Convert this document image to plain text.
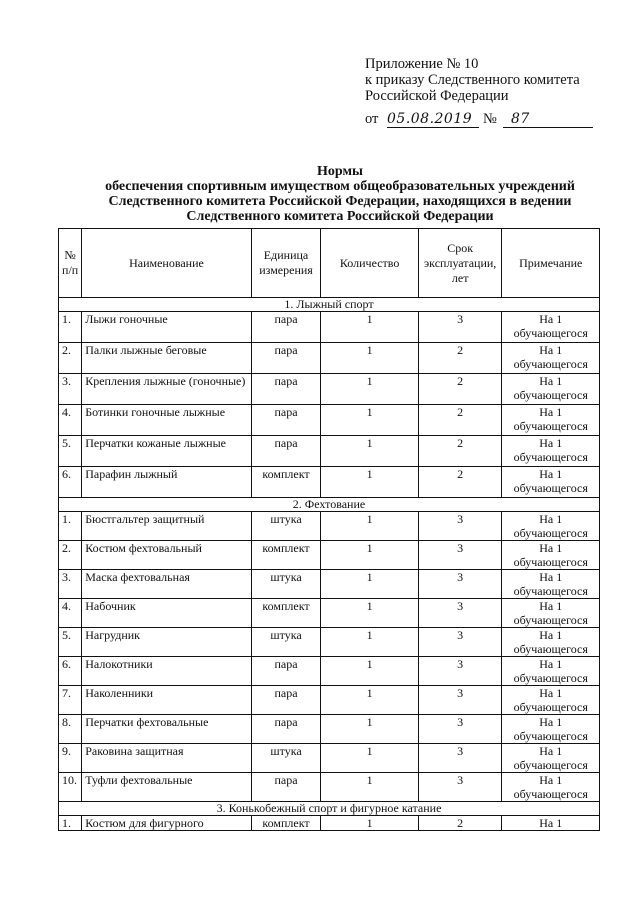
Приложение № 10
к приказу Следственного комитета
Российской Федерации
от 05.08.2019 №	87
Нормы
обеспечения спортивным имуществом общеобразовательных учреждений
Следственного комитета Российской Федерации, находящихся в ведении
Следственного комитета Российской Федерации
№ п/п	Наименование	Единица измерения	Количество	Срок эксплуатации, лет	Примечание
1. Лыжный спорт					
1.	Лыжи гоночные	пара	1	3	На 1 обучающегося
2.	Палки лыжные беговые	пара	1	2	На 1 обучающегося
3.	Крепления лыжные (гоночные)	пара	1	2	На 1 обучающегося
4.	Ботинки гоночные лыжные	пара	1	2	На 1 обучающегося
5.	Перчатки кожаные лыжные	пара	1	2	На 1 обучающегося
6.	Парафин лыжный	комплект	1	2	На 1 обучающегося
2. Фехтование					
1.	Бюстгальтер защитный	штука	1	3	На 1 обучающегося
2.	Костюм фехтовальный	комплект	1	3	На 1 обучающегося
3.	Маска фехтовальная	штука	1	3	На 1 обучающегося
4.	Набочник	комплект	1	3	На 1 обучающегося
5.	Нагрудник	штука	1	3	На 1 обучающегося
6.	Налокотники	пара	1	3	На 1 обучающегося
7.	Наколенники	пара	1	3	На 1 обучающегося
8.	Перчатки фехтовальные	пара	1	3	На 1 обучающегося
9.	Раковина защитная	штука	1	3	На 1 обучающегося
10.	Туфли фехтовальные	пара	1	3	На 1 обучающегося
3. Конькобежный спорт и фигурное катание					
1.	Костюм для фигурного	комплект	1	2	На 1
